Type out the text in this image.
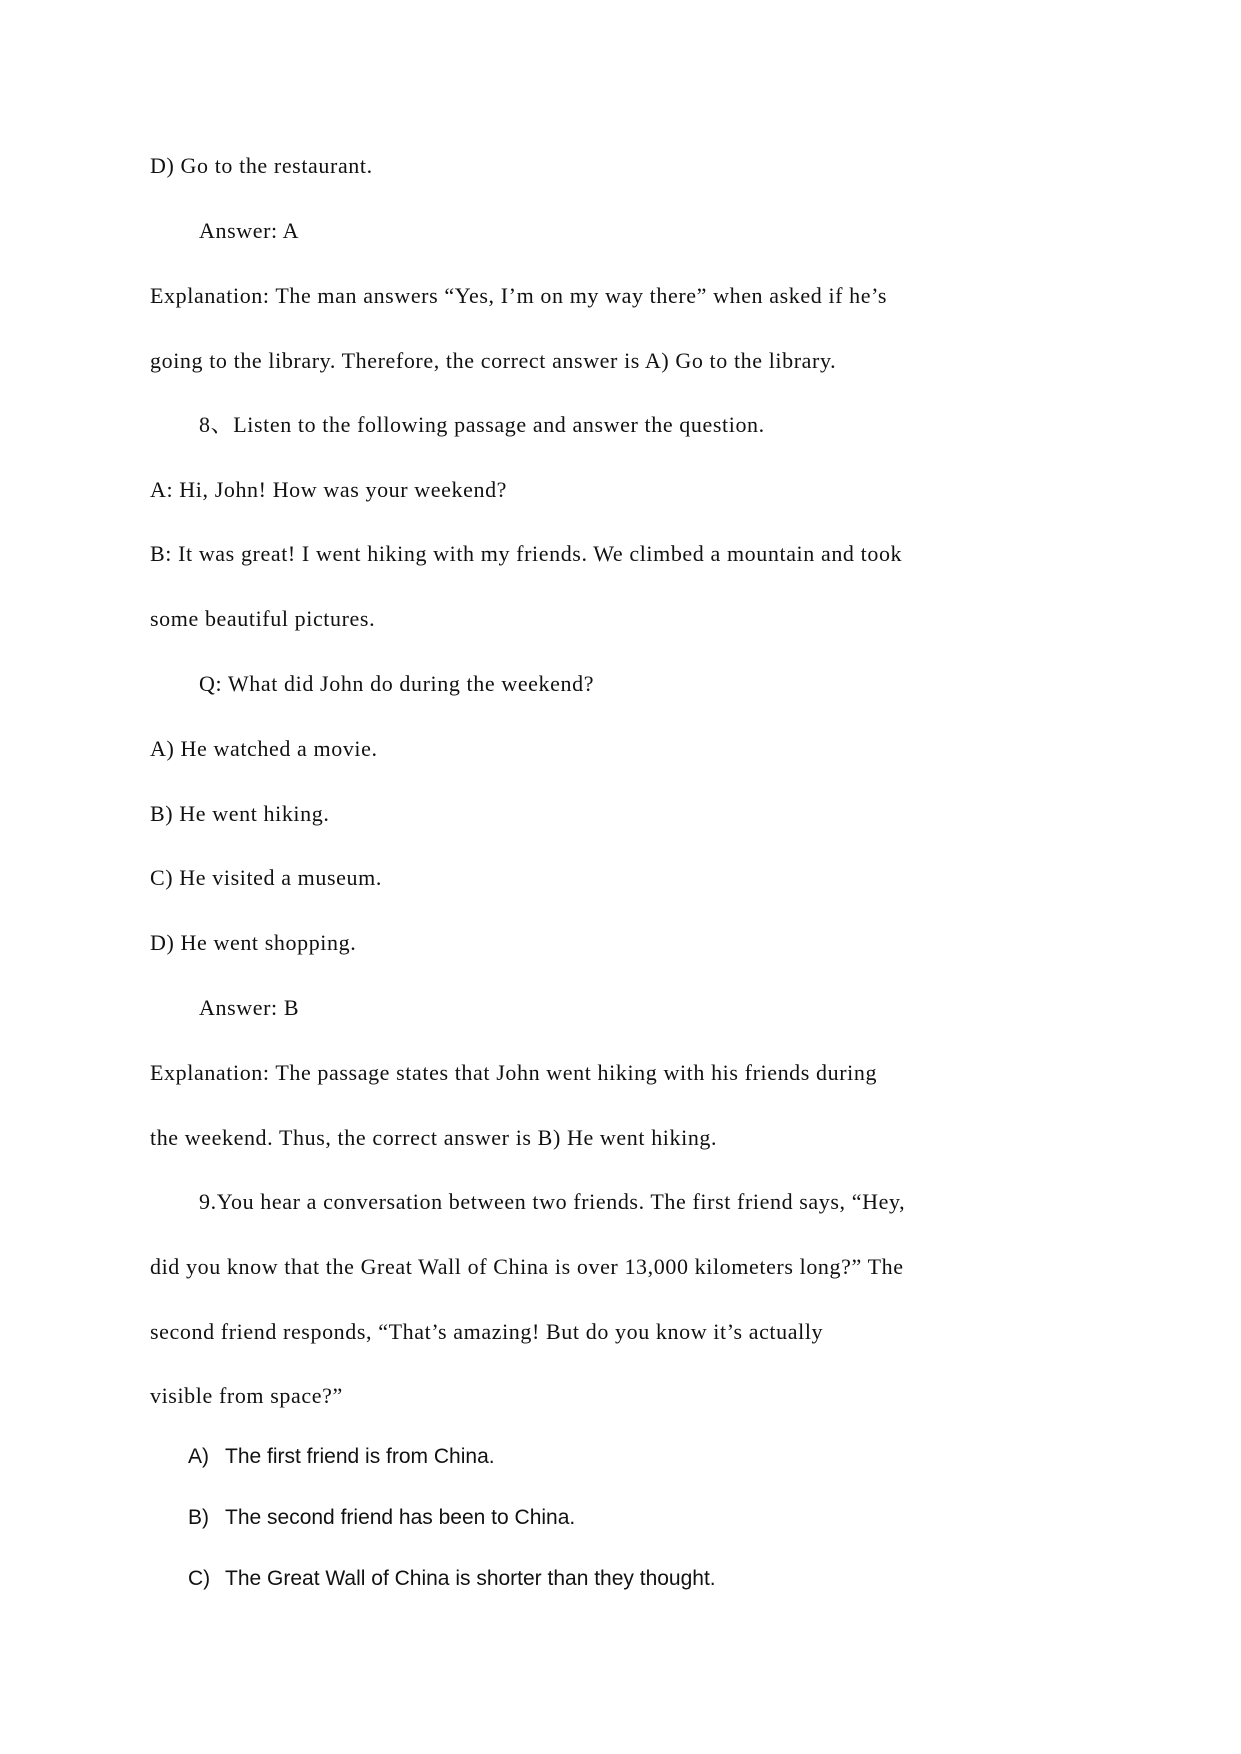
D) Go to the restaurant.

Answer: A

Explanation: The man answers “Yes, I’m on my way there” when asked if he’s

going to the library. Therefore, the correct answer is A) Go to the library.

8、Listen to the following passage and answer the question.

A: Hi, John! How was your weekend?

B: It was great! I went hiking with my friends. We climbed a mountain and took

some beautiful pictures.

Q: What did John do during the weekend?

A) He watched a movie.

B) He went hiking.

C) He visited a museum.

D) He went shopping.

Answer: B

Explanation: The passage states that John went hiking with his friends during

the weekend. Thus, the correct answer is B) He went hiking.

9.You hear a conversation between two friends. The first friend says, “Hey,

did you know that the Great Wall of China is over 13,000 kilometers long?” The

second friend responds, “That’s amazing! But do you know it’s actually

visible from space?”

A) The first friend is from China.

B) The second friend has been to China.

C) The Great Wall of China is shorter than they thought.
